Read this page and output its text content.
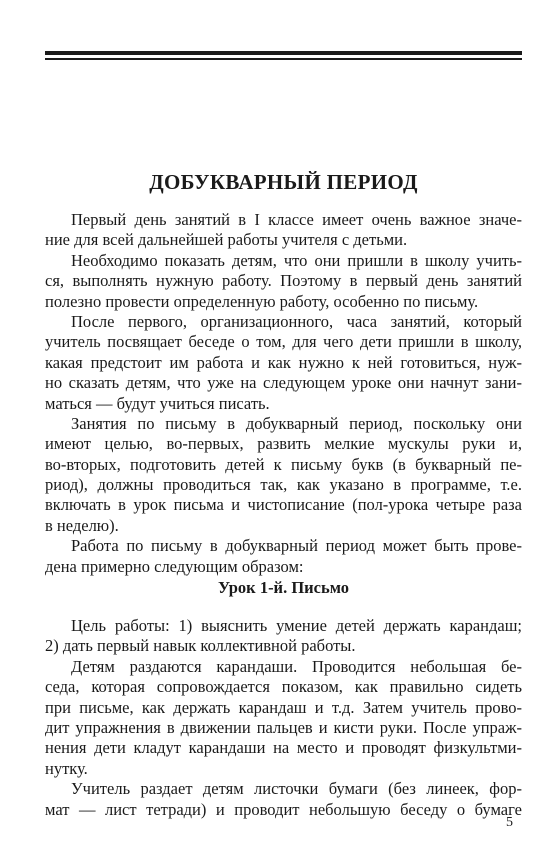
ДОБУКВАРНЫЙ ПЕРИОД
Первый день занятий в I классе имеет очень важное значе-
ние для всей дальнейшей работы учителя с детьми.
Необходимо показать детям, что они пришли в школу учить-
ся, выполнять нужную работу. Поэтому в первый день занятий
полезно провести определенную работу, особенно по письму.
После первого, организационного, часа занятий, который
учитель посвящает беседе о том, для чего дети пришли в школу,
какая предстоит им работа и как нужно к ней готовиться, нуж-
но сказать детям, что уже на следующем уроке они начнут зани-
маться — будут учиться писать.
Занятия по письму в добукварный период, поскольку они
имеют целью, во-первых, развить мелкие мускулы руки и,
во-вторых, подготовить детей к письму букв (в букварный пе-
риод), должны проводиться так, как указано в программе, т.е.
включать в урок письма и чистописание (пол-урока четыре раза
в неделю).
Работа по письму в добукварный период может быть прове-
дена примерно следующим образом:
Урок 1-й. Письмо
Цель работы: 1) выяснить умение детей держать карандаш;
2) дать первый навык коллективной работы.
Детям раздаются карандаши. Проводится небольшая бе-
седа, которая сопровождается показом, как правильно сидеть
при письме, как держать карандаш и т.д. Затем учитель прово-
дит упражнения в движении пальцев и кисти руки. После упраж-
нения дети кладут карандаши на место и проводят физкультми-
нутку.
Учитель раздает детям листочки бумаги (без линеек, фор-
мат — лист тетради) и проводит небольшую беседу о бумаге
5
